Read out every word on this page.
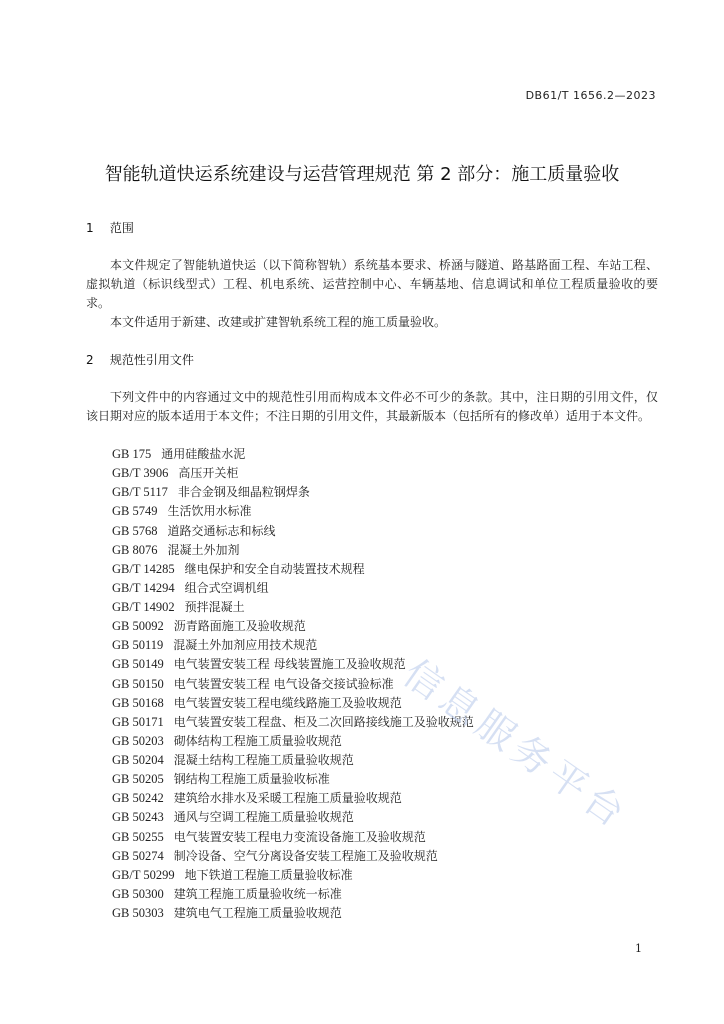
DB61/T 1656.2—2023
智能轨道快运系统建设与运营管理规范 第 2 部分：施工质量验收
1 范围
本文件规定了智能轨道快运（以下简称智轨）系统基本要求、桥涵与隧道、路基路面工程、车站工程、虚拟轨道（标识线型式）工程、机电系统、运营控制中心、车辆基地、信息调试和单位工程质量验收的要求。
本文件适用于新建、改建或扩建智轨系统工程的施工质量验收。
2 规范性引用文件
下列文件中的内容通过文中的规范性引用而构成本文件必不可少的条款。其中，注日期的引用文件，仅该日期对应的版本适用于本文件；不注日期的引用文件，其最新版本（包括所有的修改单）适用于本文件。
GB 175 通用硅酸盐水泥
GB/T 3906 高压开关柜
GB/T 5117 非合金钢及细晶粒钢焊条
GB 5749 生活饮用水标准
GB 5768 道路交通标志和标线
GB 8076 混凝土外加剂
GB/T 14285 继电保护和安全自动装置技术规程
GB/T 14294 组合式空调机组
GB/T 14902 预拌混凝土
GB 50092 沥青路面施工及验收规范
GB 50119 混凝土外加剂应用技术规范
GB 50149 电气装置安装工程 母线装置施工及验收规范
GB 50150 电气装置安装工程 电气设备交接试验标准
GB 50168 电气装置安装工程电缆线路施工及验收规范
GB 50171 电气装置安装工程盘、柜及二次回路接线施工及验收规范
GB 50203 砌体结构工程施工质量验收规范
GB 50204 混凝土结构工程施工质量验收规范
GB 50205 钢结构工程施工质量验收标准
GB 50242 建筑给水排水及采暖工程施工质量验收规范
GB 50243 通风与空调工程施工质量验收规范
GB 50255 电气装置安装工程电力变流设备施工及验收规范
GB 50274 制冷设备、空气分离设备安装工程施工及验收规范
GB/T 50299 地下铁道工程施工质量验收标准
GB 50300 建筑工程施工质量验收统一标准
GB 50303 建筑电气工程施工质量验收规范
信息服务平台
1
